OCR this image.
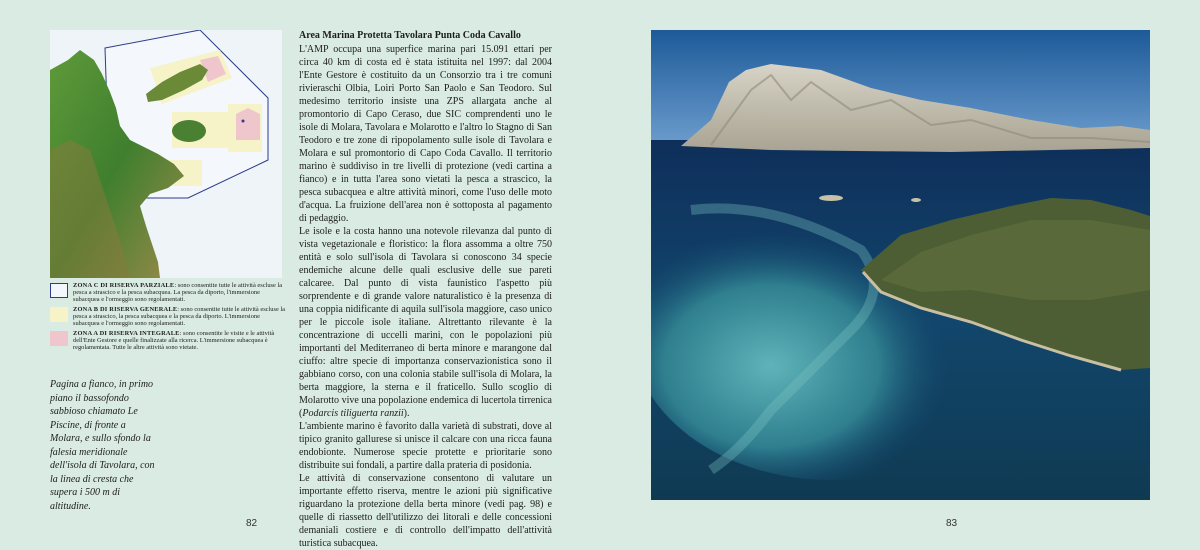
ZONA C DI RISERVA PARZIALE: sono consentite tutte le attività escluse la pesca a strascico e la pesca subacquea. La pesca da diporto, l'immersione subacquea e l'ormeggio sono regolamentati.
ZONA B DI RISERVA GENERALE: sono consentite tutte le attività escluse la pesca a strascico, la pesca subacquea e la pesca da diporto. L'immersione subacquea e l'ormeggio sono regolamentati.
ZONA A DI RISERVA INTEGRALE: sono consentite le visite e le attività dell'Ente Gestore e quelle finalizzate alla ricerca. L'immersione subacquea è regolamentata. Tutte le altre attività sono vietate.
Pagina a fianco, in primo piano il bassofondo sabbioso chiamato Le Piscine, di fronte a Molara, e sullo sfondo la falesia meridionale dell'isola di Tavolara, con la linea di cresta che supera i 500 m di altitudine.
Area Marina Protetta Tavolara Punta Coda Cavallo

L'AMP occupa una superfice marina pari 15.091 ettari per circa 40 km di costa ed è stata istituita nel 1997: dal 2004 l'Ente Gestore è costituito da un Consorzio tra i tre comuni rivieraschi Olbia, Loiri Porto San Paolo e San Teodoro. Sul medesimo territorio insiste una ZPS allargata anche al promontorio di Capo Ceraso, due SIC comprendenti uno le isole di Molara, Tavolara e Molarotto e l'altro lo Stagno di San Teodoro e tre zone di ripopolamento sulle isole di Tavolara e Molara e sul promontorio di Capo Coda Cavallo. Il territorio marino è suddiviso in tre livelli di protezione (vedi cartina a fianco) e in tutta l'area sono vietati la pesca a strascico, la pesca subacquea e altre attività minori, come l'uso delle moto d'acqua. La fruizione dell'area non è sottoposta al pagamento di pedaggio.

Le isole e la costa hanno una notevole rilevanza dal punto di vista vegetazionale e floristico: la flora assomma a oltre 750 entità e solo sull'isola di Tavolara si conoscono 34 specie endemiche alcune delle quali esclusive delle sue pareti calcaree. Dal punto di vista faunistico l'aspetto più sorprendente e di grande valore naturalistico è la presenza di una coppia nidificante di aquila sull'isola maggiore, caso unico per le piccole isole italiane. Altrettanto rilevante è la concentrazione di uccelli marini, con le popolazioni più importanti del Mediterraneo di berta minore e marangone dal ciuffo: altre specie di importanza conservazionistica sono il gabbiano corso, con una colonia stabile sull'isola di Molara, la berta maggiore, la sterna e il fraticello. Sullo scoglio di Molarotto vive una popolazione endemica di lucertola tirrenica (Podarcis tiliguerta ranzii).

L'ambiente marino è favorito dalla varietà di substrati, dove al tipico granito gallurese si unisce il calcare con una ricca fauna endobionte. Numerose specie protette e prioritarie sono distribuite sui fondali, a partire dalla prateria di posidonia.

Le attività di conservazione consentono di valutare un importante effetto riserva, mentre le azioni più significative riguardano la protezione della berta minore (vedi pag. 98) e quelle di riassetto dell'utilizzo dei litorali e delle concessioni demaniali costiere e di controllo dell'impatto dell'attività turistica subacquea.

82	83
